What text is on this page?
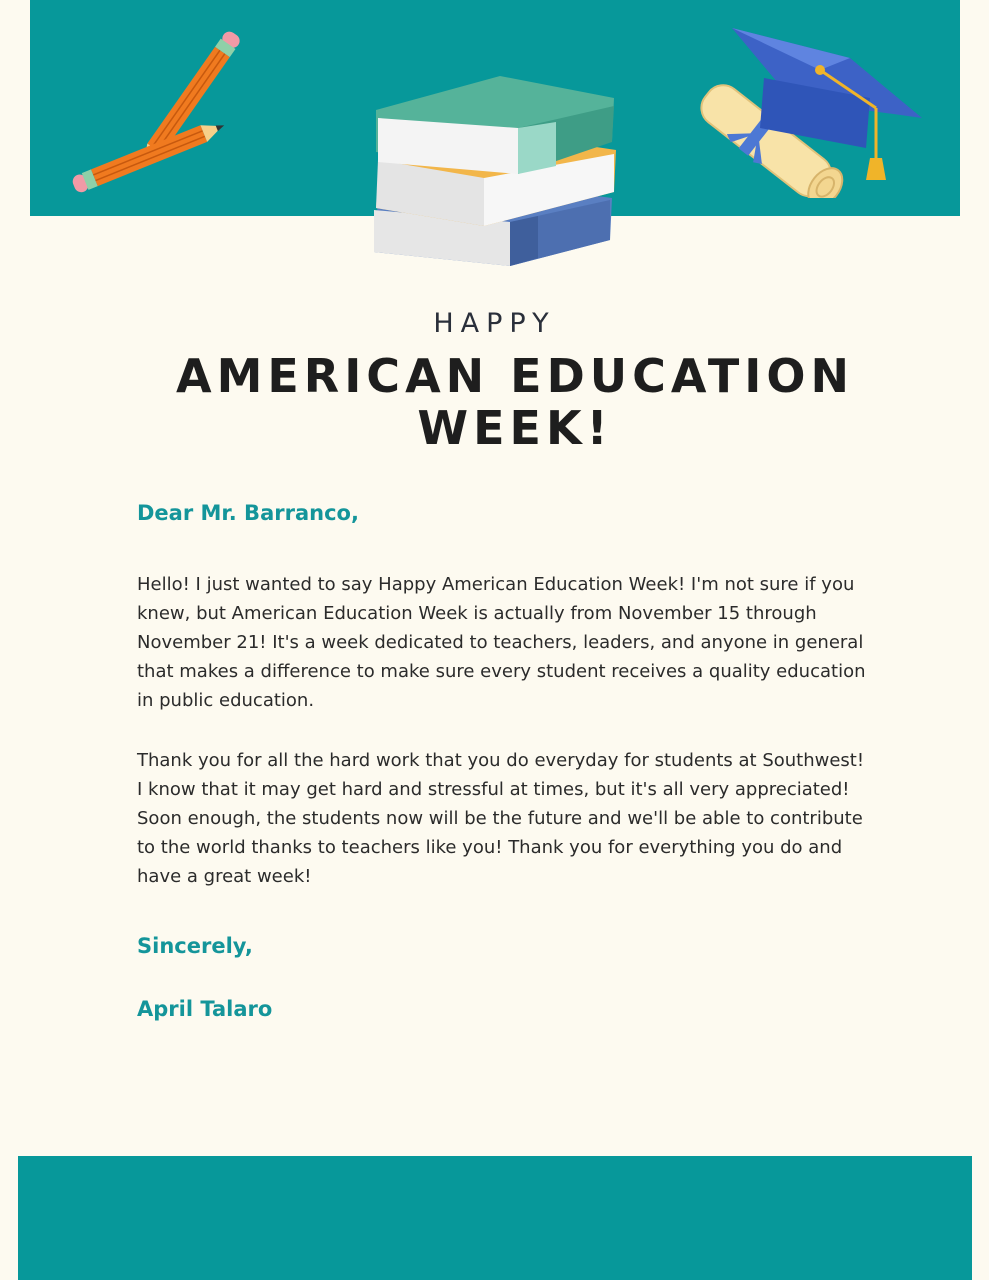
HAPPY
AMERICAN EDUCATION WEEK!
Dear Mr. Barranco,

Hello! I just wanted to say Happy American Education Week! I'm not sure if you knew, but American Education Week is actually from November 15 through November 21! It's a week dedicated to teachers, leaders, and anyone in general that makes a difference to make sure every student receives a quality education in public education.

Thank you for all the hard work that you do everyday for students at Southwest! I know that it may get hard and stressful at times, but it's all very appreciated! Soon enough, the students now will be the future and we'll be able to contribute to the world thanks to teachers like you! Thank you for everything you do and have a great week!

Sincerely,
April Talaro
